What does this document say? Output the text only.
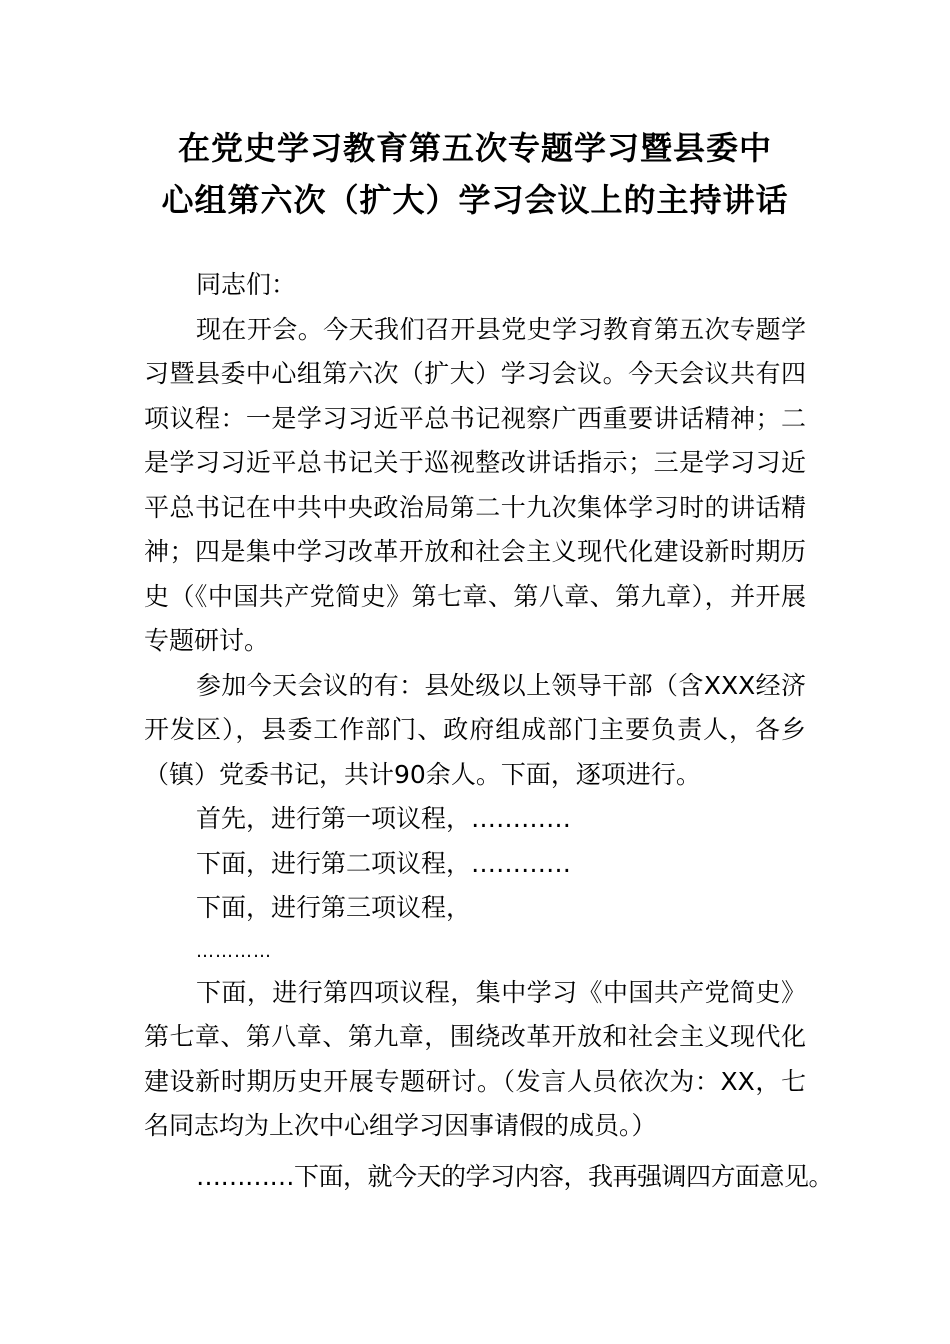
在党史学习教育第五次专题学习暨县委中
心组第六次（扩大）学习会议上的主持讲话

同志们：

现在开会。今天我们召开县党史学习教育第五次专题学习暨县委中心组第六次（扩大）学习会议。今天会议共有四项议程：一是学习习近平总书记视察广西重要讲话精神；二是学习习近平总书记关于巡视整改讲话指示；三是学习习近平总书记在中共中央政治局第二十九次集体学习时的讲话精神；四是集中学习改革开放和社会主义现代化建设新时期历史（《中国共产党简史》第七章、第八章、第九章），并开展专题研讨。

参加今天会议的有：县处级以上领导干部（含XXX经济开发区），县委工作部门、政府组成部门主要负责人，各乡（镇）党委书记，共计90余人。下面，逐项进行。

首先，进行第一项议程，…………

下面，进行第二项议程，…………

下面，进行第三项议程，

…………

下面，进行第四项议程，集中学习《中国共产党简史》第七章、第八章、第九章，围绕改革开放和社会主义现代化建设新时期历史开展专题研讨。（发言人员依次为：XX，七名同志均为上次中心组学习因事请假的成员。）

…………下面，就今天的学习内容，我再强调四方面意见。
